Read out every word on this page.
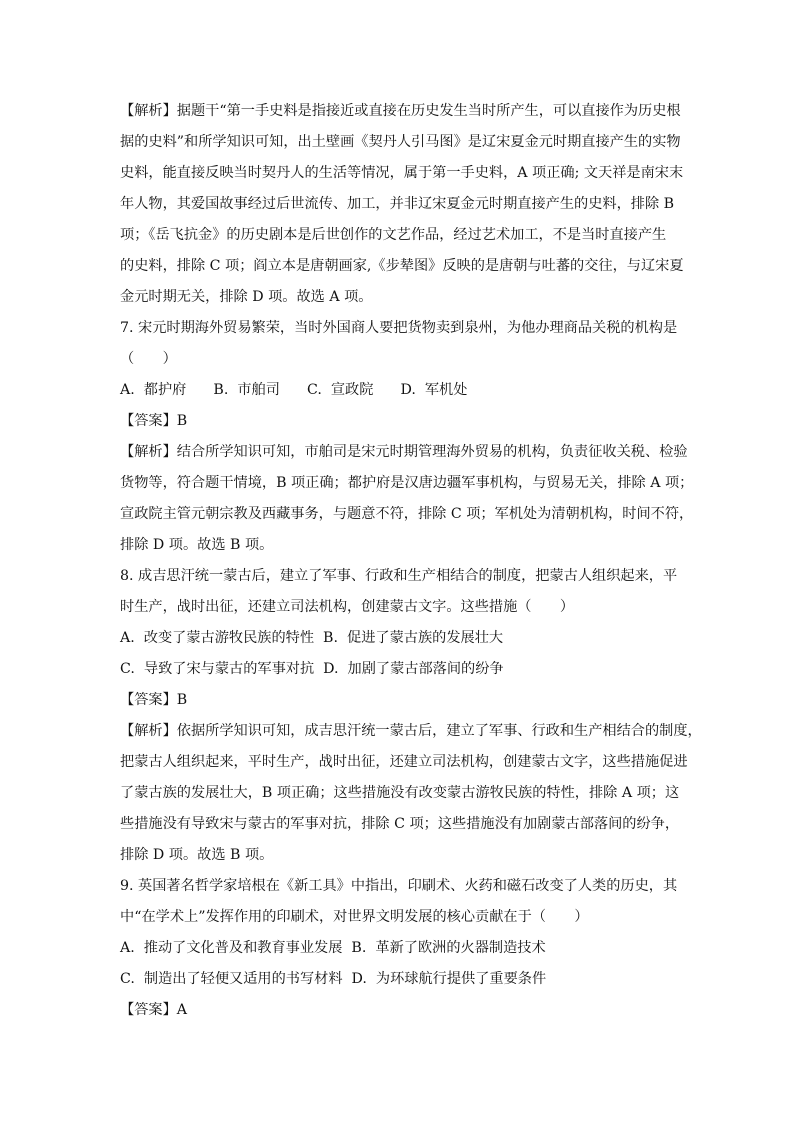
【解析】据题干“第一手史料是指接近或直接在历史发生当时所产生，可以直接作为历史根
据的史料”和所学知识可知，出土壁画《契丹人引马图》是辽宋夏金元时期直接产生的实物
史料，能直接反映当时契丹人的生活等情况，属于第一手史料，A 项正确; 文天祥是南宋末
年人物，其爱国故事经过后世流传、加工，并非辽宋夏金元时期直接产生的史料，排除 B
项；《岳飞抗金》的历史剧本是后世创作的文艺作品，经过艺术加工，不是当时直接产生
的史料，排除 C 项；阎立本是唐朝画家,《步辇图》反映的是唐朝与吐蕃的交往，与辽宋夏
金元时期无关，排除 D 项。故选 A 项。
7. 宋元时期海外贸易繁荣，当时外国商人要把货物卖到泉州，为他办理商品关税的机构是
（　　）
A.  都护府      B.  市舶司      C.  宣政院      D.  军机处
【答案】B
【解析】结合所学知识可知，市舶司是宋元时期管理海外贸易的机构，负责征收关税、检验
货物等，符合题干情境，B 项正确；都护府是汉唐边疆军事机构，与贸易无关，排除 A 项；
宣政院主管元朝宗教及西藏事务，与题意不符，排除 C 项；军机处为清朝机构，时间不符，
排除 D 项。故选 B 项。
8. 成吉思汗统一蒙古后，建立了军事、行政和生产相结合的制度，把蒙古人组织起来，平
时生产，战时出征，还建立司法机构，创建蒙古文字。这些措施（　　）
A.  改变了蒙古游牧民族的特性  B.  促进了蒙古族的发展壮大
C.  导致了宋与蒙古的军事对抗  D.  加剧了蒙古部落间的纷争
【答案】B
【解析】依据所学知识可知，成吉思汗统一蒙古后，建立了军事、行政和生产相结合的制度，
把蒙古人组织起来，平时生产，战时出征，还建立司法机构，创建蒙古文字，这些措施促进
了蒙古族的发展壮大，B 项正确；这些措施没有改变蒙古游牧民族的特性，排除 A 项；这
些措施没有导致宋与蒙古的军事对抗，排除 C 项；这些措施没有加剧蒙古部落间的纷争，
排除 D 项。故选 B 项。
9. 英国著名哲学家培根在《新工具》中指出，印刷术、火药和磁石改变了人类的历史，其
中“在学术上”发挥作用的印刷术，对世界文明发展的核心贡献在于（　　）
A.  推动了文化普及和教育事业发展  B.  革新了欧洲的火器制造技术
C.  制造出了轻便又适用的书写材料  D.  为环球航行提供了重要条件
【答案】A
